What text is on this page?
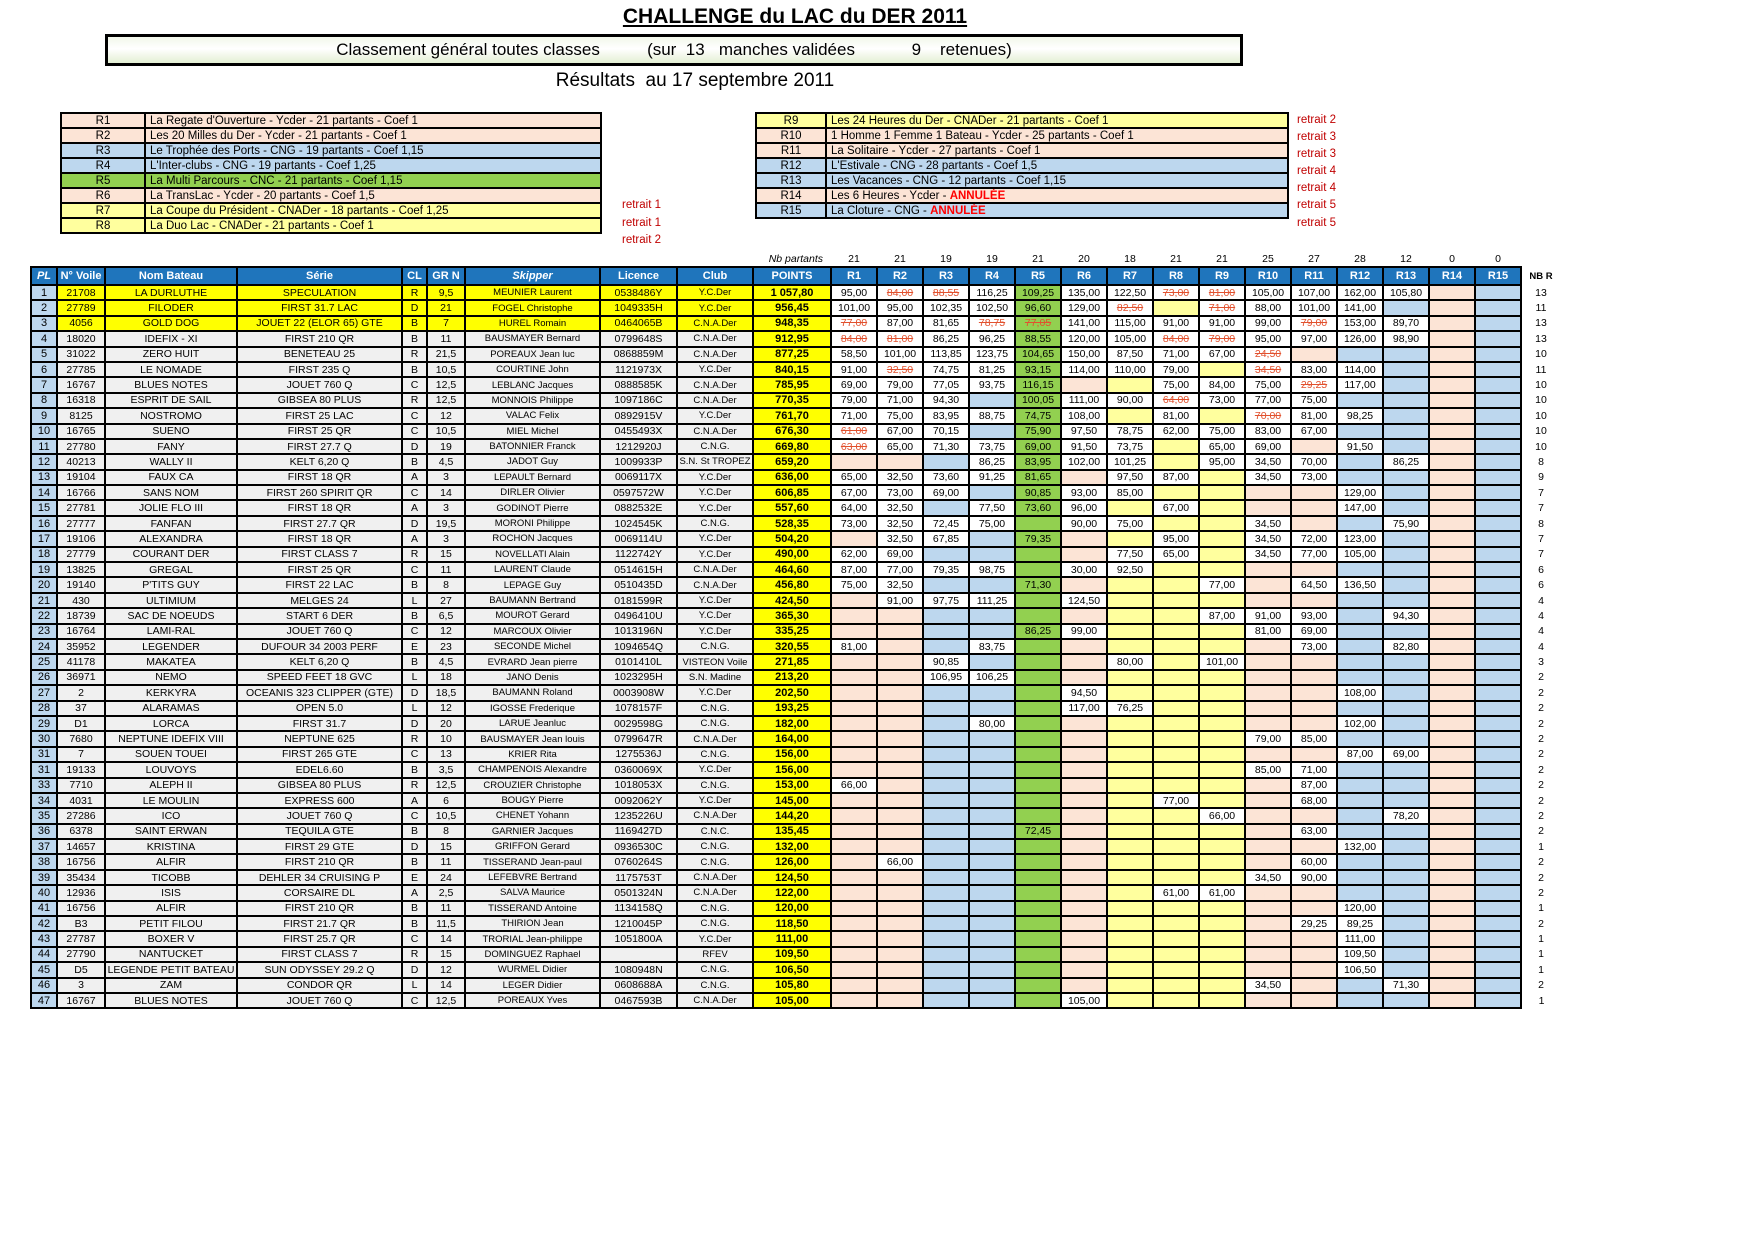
CHALLENGE du LAC du DER 2011
Classement général toutes classes          (sur  13   manches validées            9    retenues)
Résultats  au 17 septembre 2011
R1	La Regate d'Ouverture - Ycder - 21 partants - Coef 1
R2	Les 20 Milles du Der - Ycder - 21 partants - Coef 1
R3	Le Trophée des Ports - CNG - 19 partants - Coef 1,15
R4	L'Inter-clubs - CNG - 19 partants - Coef 1,25
R5	La Multi Parcours - CNC - 21 partants - Coef 1,15
R6	La TransLac - Ycder - 20 partants - Coef 1,5
R7	La Coupe du Président - CNADer - 18 partants - Coef 1,25
R8	La Duo Lac - CNADer - 21 partants - Coef 1

retrait 1
retrait 1
retrait 2
R9	Les 24 Heures du Der - CNADer - 21 partants - Coef 1
R10	1 Homme 1 Femme 1 Bateau - Ycder - 25 partants - Coef 1
R11	La Solitaire - Ycder - 27 partants - Coef 1
R12	L'Estivale - CNG - 28 partants - Coef 1,5
R13	Les Vacances - CNG - 12 partants - Coef 1,15
R14	Les 6 Heures - Ycder - ANNULÉE
R15	La Cloture - CNG - ANNULÉE
retrait 2
retrait 3
retrait 3
retrait 4
retrait 4
retrait 5
retrait 5
Nb partants										21	21	19	19	21	20	18	21	21	25	27	28	12	0	0	
PL	N° Voile	Nom Bateau	Série	CL	GR N	Skipper	Licence	Club	POINTS	R1	R2	R3	R4	R5	R6	R7	R8	R9	R10	R11	R12	R13	R14	R15	NB R
1	21708	LA DURLUTHE	SPECULATION	R	9,5	MEUNIER Laurent	0538486Y	Y.C.Der	1 057,80	95,00	84,00	88,55	116,25	109,25	135,00	122,50	73,00	81,00	105,00	107,00	162,00	105,80			13
2	27789	FILODER	FIRST 31.7 LAC	D	21	FOGEL Christophe	1049335H	Y.C.Der	956,45	101,00	95,00	102,35	102,50	96,60	129,00	82,50		71,00	88,00	101,00	141,00				11
3	4056	GOLD DOG	JOUET 22 (ELOR 65) GTE	B	7	HUREL Romain	0464065B	C.N.A.Der	948,35	77,00	87,00	81,65	78,75	77,05	141,00	115,00	91,00	91,00	99,00	79,00	153,00	89,70			13
4	18020	IDEFIX - XI	FIRST 210 QR	B	11	BAUSMAYER Bernard	0799648S	C.N.A.Der	912,95	84,00	81,00	86,25	96,25	88,55	120,00	105,00	84,00	79,00	95,00	97,00	126,00	98,90			13
5	31022	ZERO HUIT	BENETEAU 25	R	21,5	POREAUX Jean luc	0868859M	C.N.A.Der	877,25	58,50	101,00	113,85	123,75	104,65	150,00	87,50	71,00	67,00	24,50						10
6	27785	LE NOMADE	FIRST 235 Q	B	10,5	COURTINE John	1121973X	Y.C.Der	840,15	91,00	32,50	74,75	81,25	93,15	114,00	110,00	79,00		34,50	83,00	114,00				11
7	16767	BLUES NOTES	JOUET 760 Q	C	12,5	LEBLANC Jacques	0888585K	C.N.A.Der	785,95	69,00	79,00	77,05	93,75	116,15			75,00	84,00	75,00	29,25	117,00				10
8	16318	ESPRIT DE SAIL	GIBSEA 80 PLUS	R	12,5	MONNOIS Philippe	1097186C	C.N.A.Der	770,35	79,00	71,00	94,30		100,05	111,00	90,00	64,00	73,00	77,00	75,00					10
9	8125	NOSTROMO	FIRST 25 LAC	C	12	VALAC Felix	0892915V	Y.C.Der	761,70	71,00	75,00	83,95	88,75	74,75	108,00		81,00		70,00	81,00	98,25				10
10	16765	SUENO	FIRST 25 QR	C	10,5	MIEL Michel	0455493X	C.N.A.Der	676,30	61,00	67,00	70,15		75,90	97,50	78,75	62,00	75,00	83,00	67,00					10
11	27780	FANY	FIRST 27.7 Q	D	19	BATONNIER Franck	1212920J	C.N.G.	669,80	63,00	65,00	71,30	73,75	69,00	91,50	73,75		65,00	69,00		91,50				10
12	40213	WALLY II	KELT 6,20 Q	B	4,5	JADOT Guy	1009933P	S.N. St TROPEZ	659,20				86,25	83,95	102,00	101,25		95,00	34,50	70,00		86,25			8
13	19104	FAUX CA	FIRST 18 QR	A	3	LEPAULT Bernard	0069117X	Y.C.Der	636,00	65,00	32,50	73,60	91,25	81,65		97,50	87,00		34,50	73,00					9
14	16766	SANS NOM	FIRST 260 SPIRIT QR	C	14	DIRLER Olivier	0597572W	Y.C.Der	606,85	67,00	73,00	69,00		90,85	93,00	85,00					129,00				7
15	27781	JOLIE FLO III	FIRST 18 QR	A	3	GODINOT Pierre	0882532E	Y.C.Der	557,60	64,00	32,50		77,50	73,60	96,00		67,00				147,00				7
16	27777	FANFAN	FIRST 27.7 QR	D	19,5	MORONI Philippe	1024545K	C.N.G.	528,35	73,00	32,50	72,45	75,00		90,00	75,00			34,50			75,90			8
17	19106	ALEXANDRA	FIRST 18 QR	A	3	ROCHON Jacques	0069114U	Y.C.Der	504,20		32,50	67,85		79,35			95,00		34,50	72,00	123,00				7
18	27779	COURANT DER	FIRST CLASS 7	R	15	NOVELLATI Alain	1122742Y	Y.C.Der	490,00	62,00	69,00					77,50	65,00		34,50	77,00	105,00				7
19	13825	GREGAL	FIRST 25 QR	C	11	LAURENT Claude	0514615H	C.N.A.Der	464,60	87,00	77,00	79,35	98,75		30,00	92,50									6
20	19140	P'TITS GUY	FIRST 22 LAC	B	8	LEPAGE Guy	0510435D	C.N.A.Der	456,80	75,00	32,50			71,30				77,00		64,50	136,50				6
21	430	ULTIMIUM	MELGES 24	L	27	BAUMANN Bertrand	0181599R	Y.C.Der	424,50		91,00	97,75	111,25		124,50										4
22	18739	SAC DE NOEUDS	START 6 DER	B	6,5	MOUROT Gerard	0496410U	Y.C.Der	365,30									87,00	91,00	93,00		94,30			4
23	16764	LAMI-RAL	JOUET 760 Q	C	12	MARCOUX Olivier	1013196N	Y.C.Der	335,25					86,25	99,00				81,00	69,00					4
24	35952	LEGENDER	DUFOUR 34 2003 PERF	E	23	SECONDE Michel	1094654Q	C.N.G.	320,55	81,00			83,75							73,00		82,80			4
25	41178	MAKATEA	KELT 6,20 Q	B	4,5	EVRARD Jean pierre	0101410L	VISTEON Voile	271,85			90,85				80,00		101,00							3
26	36971	NEMO	SPEED FEET 18 GVC	L	18	JANO Denis	1023295H	S.N. Madine	213,20			106,95	106,25												2
27	2	KERKYRA	OCEANIS 323 CLIPPER (GTE)	D	18,5	BAUMANN Roland	0003908W	Y.C.Der	202,50						94,50						108,00				2
28	37	ALARAMAS	OPEN 5.0	L	12	IGOSSE Frederique	1078157F	C.N.G.	193,25						117,00	76,25									2
29	D1	LORCA	FIRST 31.7	D	20	LARUE Jeanluc	0029598G	C.N.G.	182,00				80,00								102,00				2
30	7680	NEPTUNE IDEFIX VIII	NEPTUNE 625	R	10	BAUSMAYER Jean louis	0799647R	C.N.A.Der	164,00										79,00	85,00					2
31	7	SOUEN TOUEI	FIRST 265 GTE	C	13	KRIER Rita	1275536J	C.N.G.	156,00												87,00	69,00			2
31	19133	LOUVOYS	EDEL6.60	B	3,5	CHAMPENOIS Alexandre	0360069X	Y.C.Der	156,00										85,00	71,00					2
33	7710	ALEPH II	GIBSEA 80 PLUS	R	12,5	CROUZIER Christophe	1018053X	C.N.G.	153,00	66,00										87,00					2
34	4031	LE MOULIN	EXPRESS 600	A	6	BOUGY Pierre	0092062Y	Y.C.Der	145,00								77,00			68,00					2
35	27286	ICO	JOUET 760 Q	C	10,5	CHENET Yohann	1235226U	C.N.A.Der	144,20									66,00				78,20			2
36	6378	SAINT ERWAN	TEQUILA GTE	B	8	GARNIER Jacques	1169427D	C.N.C.	135,45					72,45						63,00					2
37	14657	KRISTINA	FIRST 29 GTE	D	15	GRIFFON Gerard	0936530C	C.N.G.	132,00												132,00				1
38	16756	ALFIR	FIRST 210 QR	B	11	TISSERAND Jean-paul	0760264S	C.N.G.	126,00		66,00									60,00					2
39	35434	TICOBB	DEHLER 34 CRUISING P	E	24	LEFEBVRE Bertrand	1175753T	C.N.A.Der	124,50										34,50	90,00					2
40	12936	ISIS	CORSAIRE DL	A	2,5	SALVA Maurice	0501324N	C.N.A.Der	122,00								61,00	61,00							2
41	16756	ALFIR	FIRST 210 QR	B	11	TISSERAND Antoine	1134158Q	C.N.G.	120,00												120,00				1
42	B3	PETIT FILOU	FIRST 21.7 QR	B	11,5	THIRION Jean	1210045P	C.N.G.	118,50											29,25	89,25				2
43	27787	BOXER V	FIRST 25.7 QR	C	14	TRORIAL Jean-philippe	1051800A	Y.C.Der	111,00												111,00				1
44	27790	NANTUCKET	FIRST CLASS 7	R	15	DOMINGUEZ Raphael		RFEV	109,50												109,50				1
45	D5	LEGENDE PETIT BATEAU	SUN ODYSSEY 29.2 Q	D	12	WURMEL Didier	1080948N	C.N.G.	106,50												106,50				1
46	3	ZAM	CONDOR QR	L	14	LEGER Didier	0608688A	C.N.G.	105,80										34,50			71,30			2
47	16767	BLUES NOTES	JOUET 760 Q	C	12,5	POREAUX Yves	0467593B	C.N.A.Der	105,00						105,00										1
